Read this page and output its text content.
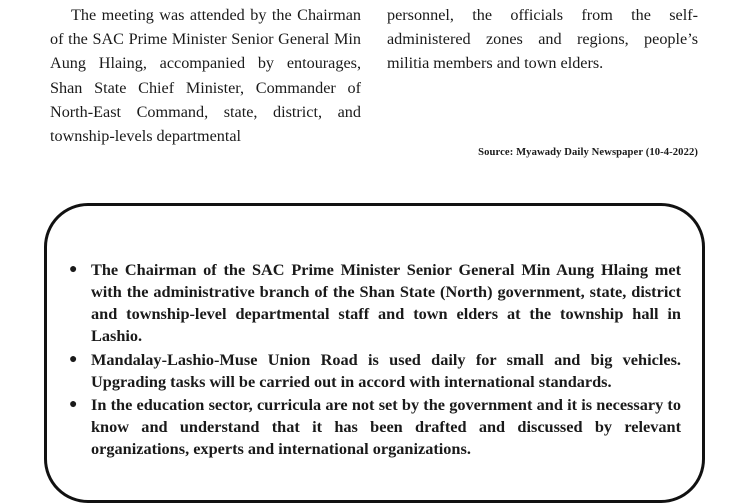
The meeting was attended by the Chairman of the SAC Prime Minister Senior General Min Aung Hlaing, accompanied by entourages, Shan State Chief Minister, Commander of North-East Command, state, district, and township-levels departmental

personnel, the officials from the self-administered zones and regions, people’s militia members and town elders.

Source: Myawady Daily Newspaper (10-4-2022)
● The Chairman of the SAC Prime Minister Senior General Min Aung Hlaing met with the administrative branch of the Shan State (North) government, state, district and township-level departmental staff and town elders at the township hall in Lashio.
● Mandalay-Lashio-Muse Union Road is used daily for small and big vehicles. Upgrading tasks will be carried out in accord with international standards.
● In the education sector, curricula are not set by the government and it is necessary to know and understand that it has been drafted and discussed by relevant organizations, experts and international organizations.
